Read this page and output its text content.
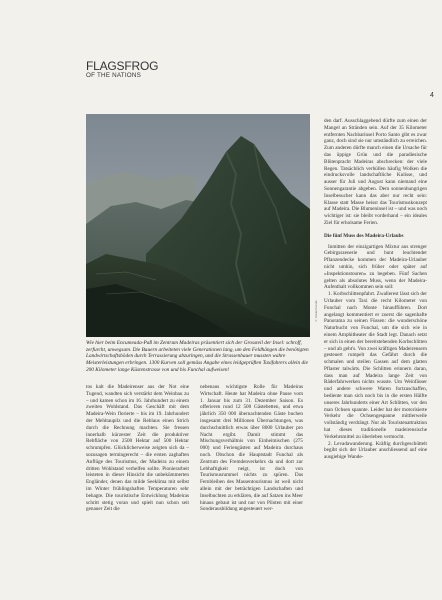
FLAGSFROG
OF THE NATIONS
4
© Daniel Forster
Wie hier beim Encumeada-Paß im Zentrum Madeiras präsentiert sich der Grossteil der Insel: schroff, zerfurcht, unwegsam. Die Bauern arbeiteten viele Generationen lang, um den Feldhängen die benötigten Landwirtschaftsböden durch Terrassierung abzuringen, und die Strassenbauer mussten wahre Meisterleistungen erbringen. 1300 Kurven soll gemäss Angabe eines leidgeprüften Taxifahrers allein die 200 Kilometer lange Küstenstrasse von und bis Funchal aufweisen!

tos kalt die Madeirenser aus der Not eine Tugend, wandten sich verstärkt dem Weinbau zu – und kamen schon im 16. Jahrhundert zu einem zweiten Wohlstand. Das Geschäft mit dem Madeira-Wein florierte – bis im 19. Jahrhundert der Mehltaupilz und die Reblaus einen Strich durch die Rechnung machten. Sie fressen innerhalb kürzester Zeit die produktiver Rebfläche von 2500 Hektar auf 500 Hektar schrumpfen. Glücklicherweise zeigten sich da – sozusagen termingerecht – die ersten zaghaften Anflüge des Tourismus, der Madeira zu einem dritten Wohlstand verhelfen sollte. Pionierarbeit leisteten in dieser Hinsicht die unbekümmerten Engländer, denen das milde Seeklima mit selbst im Winter frühlingshaften Temperaturen sehr behagte. Die touristische Entwicklung Madeiras schritt stetig voran und spielt nun schon seit genauer Zeit die

nebenaus wichtigste Rolle für Madeiras Wirtschaft. Heute hat Madeira ohne Pause vom 1. Januar bis zum 31. Dezember Saison. Es offerieren rund 12 500 Gästebetten, und etwa jährlich 350 000 übernachtenden Gäste buchen insgesamt drei Millionen Übernachtungen, was durchschnittlich etwas über 8000 Urlauber pro Nacht ergibt. Damit stimmt das Mischungsverhältnis von Einheimischen (275 000) und Feriengästen auf Madeira durchaus noch. Obschon die Hauptstadt Funchal als Zentrum des Fremdenverkehrs da und dort zur Lebhaftigkeit neigt, ist doch von Tourismusrummel nichts zu spüren. Das Fernbleiben des Massentourismus ist weil nicht allein mit der beträchtigen Landschaften und Inselbuchten zu erklären, die auf Satzen ins Meer hinaus gebaut ist und nur von Piloten mit einer Sonderausbildung angesteuert wer-

den darf. Ausschlaggebend dürfte zum einen der Mangel an Stränden sein. Auf der 35 Kilometer entfernten Nachbarinsel Porto Santo gibt es zwar ganz, doch sind sie nur umständlich zu erreichen. Zum anderen dürfte manch einen die Ursache für das üppige Grün und die paradiesische Blütenpracht Madeiras abschrecken: der viele Regen. Tatsächlich verhüllen häufig Wolken die eindrucksvolle landschaftliche Kulisse, und ausser für Juli und August kann niemand eine Sonnengarantie abgeben. Dem sonnenhungrigen Inselbesucher kann das aber nur recht sein: Klasse statt Masse heisst das Tourismuskonzept auf Madeira. Die Blumeninsel ist – und was noch wichtiger ist: sie bleibt vorderhand – ein ideales Ziel für erholsame Ferien.

Die fünf Muss des Madeira-Urlaubs

Inmitten der einzigartigen Mixtur aus strenger Gebirgsszenerie und bunt leuchtender Pflanzendecke kommen der Madeira-Urlauber nicht umhin, sich früher oder später auf «Inspektionstouren» zu begeben. Fünf Sachen gelten als absolutes Muss, wenn der Madeira-Aufenthalt vollkommen sein soll:

1. Korbschlittenpfahrt. Zwallerest lässt sich der Urlauber vom Taxi die recht Kilometer von Funchal nach Monte hinaufführen. Dort angelangt kommentiert er zuerst die sagenhafte Panorama zu seinen Füssen: die wunderschöne Naturbucht von Funchal, um die sich wie in einem Amphitheater die Stadt legt. Danach setzt er sich in einen der bereitstehenden Korbschlitten – und ab geht's. Von zwei kräftigen Madeirensern gesteuert rumpelt das Gefährt durch die schmalen und steilen Gassen auf dem glatten Pflaster talwärts. Die Schlitten erinnern daran, dass man auf Madeira lange Zeit von Räderfahrwerken nichts wusste. Um Weinfässer und andere schwere Waren fortzuschaffen, bediente man sich noch bis in die ersten Hälfte unseres Jahrhunderts einer Art Schlitten, vor den man Ochsen spannte. Leider hat der motorisierte Verkehr die Ochsengespanne mittlerweile vollständig verdrängt. Nur als Touristenattraktion hat dieses traditionelle madeirensische Verkehrsmittel zu überleben vermocht.

2. Levadawanderung. Kräftig durchgeschüttelt begibt sich der Urlauber anschliessend auf eine ausgiebige Wande-
